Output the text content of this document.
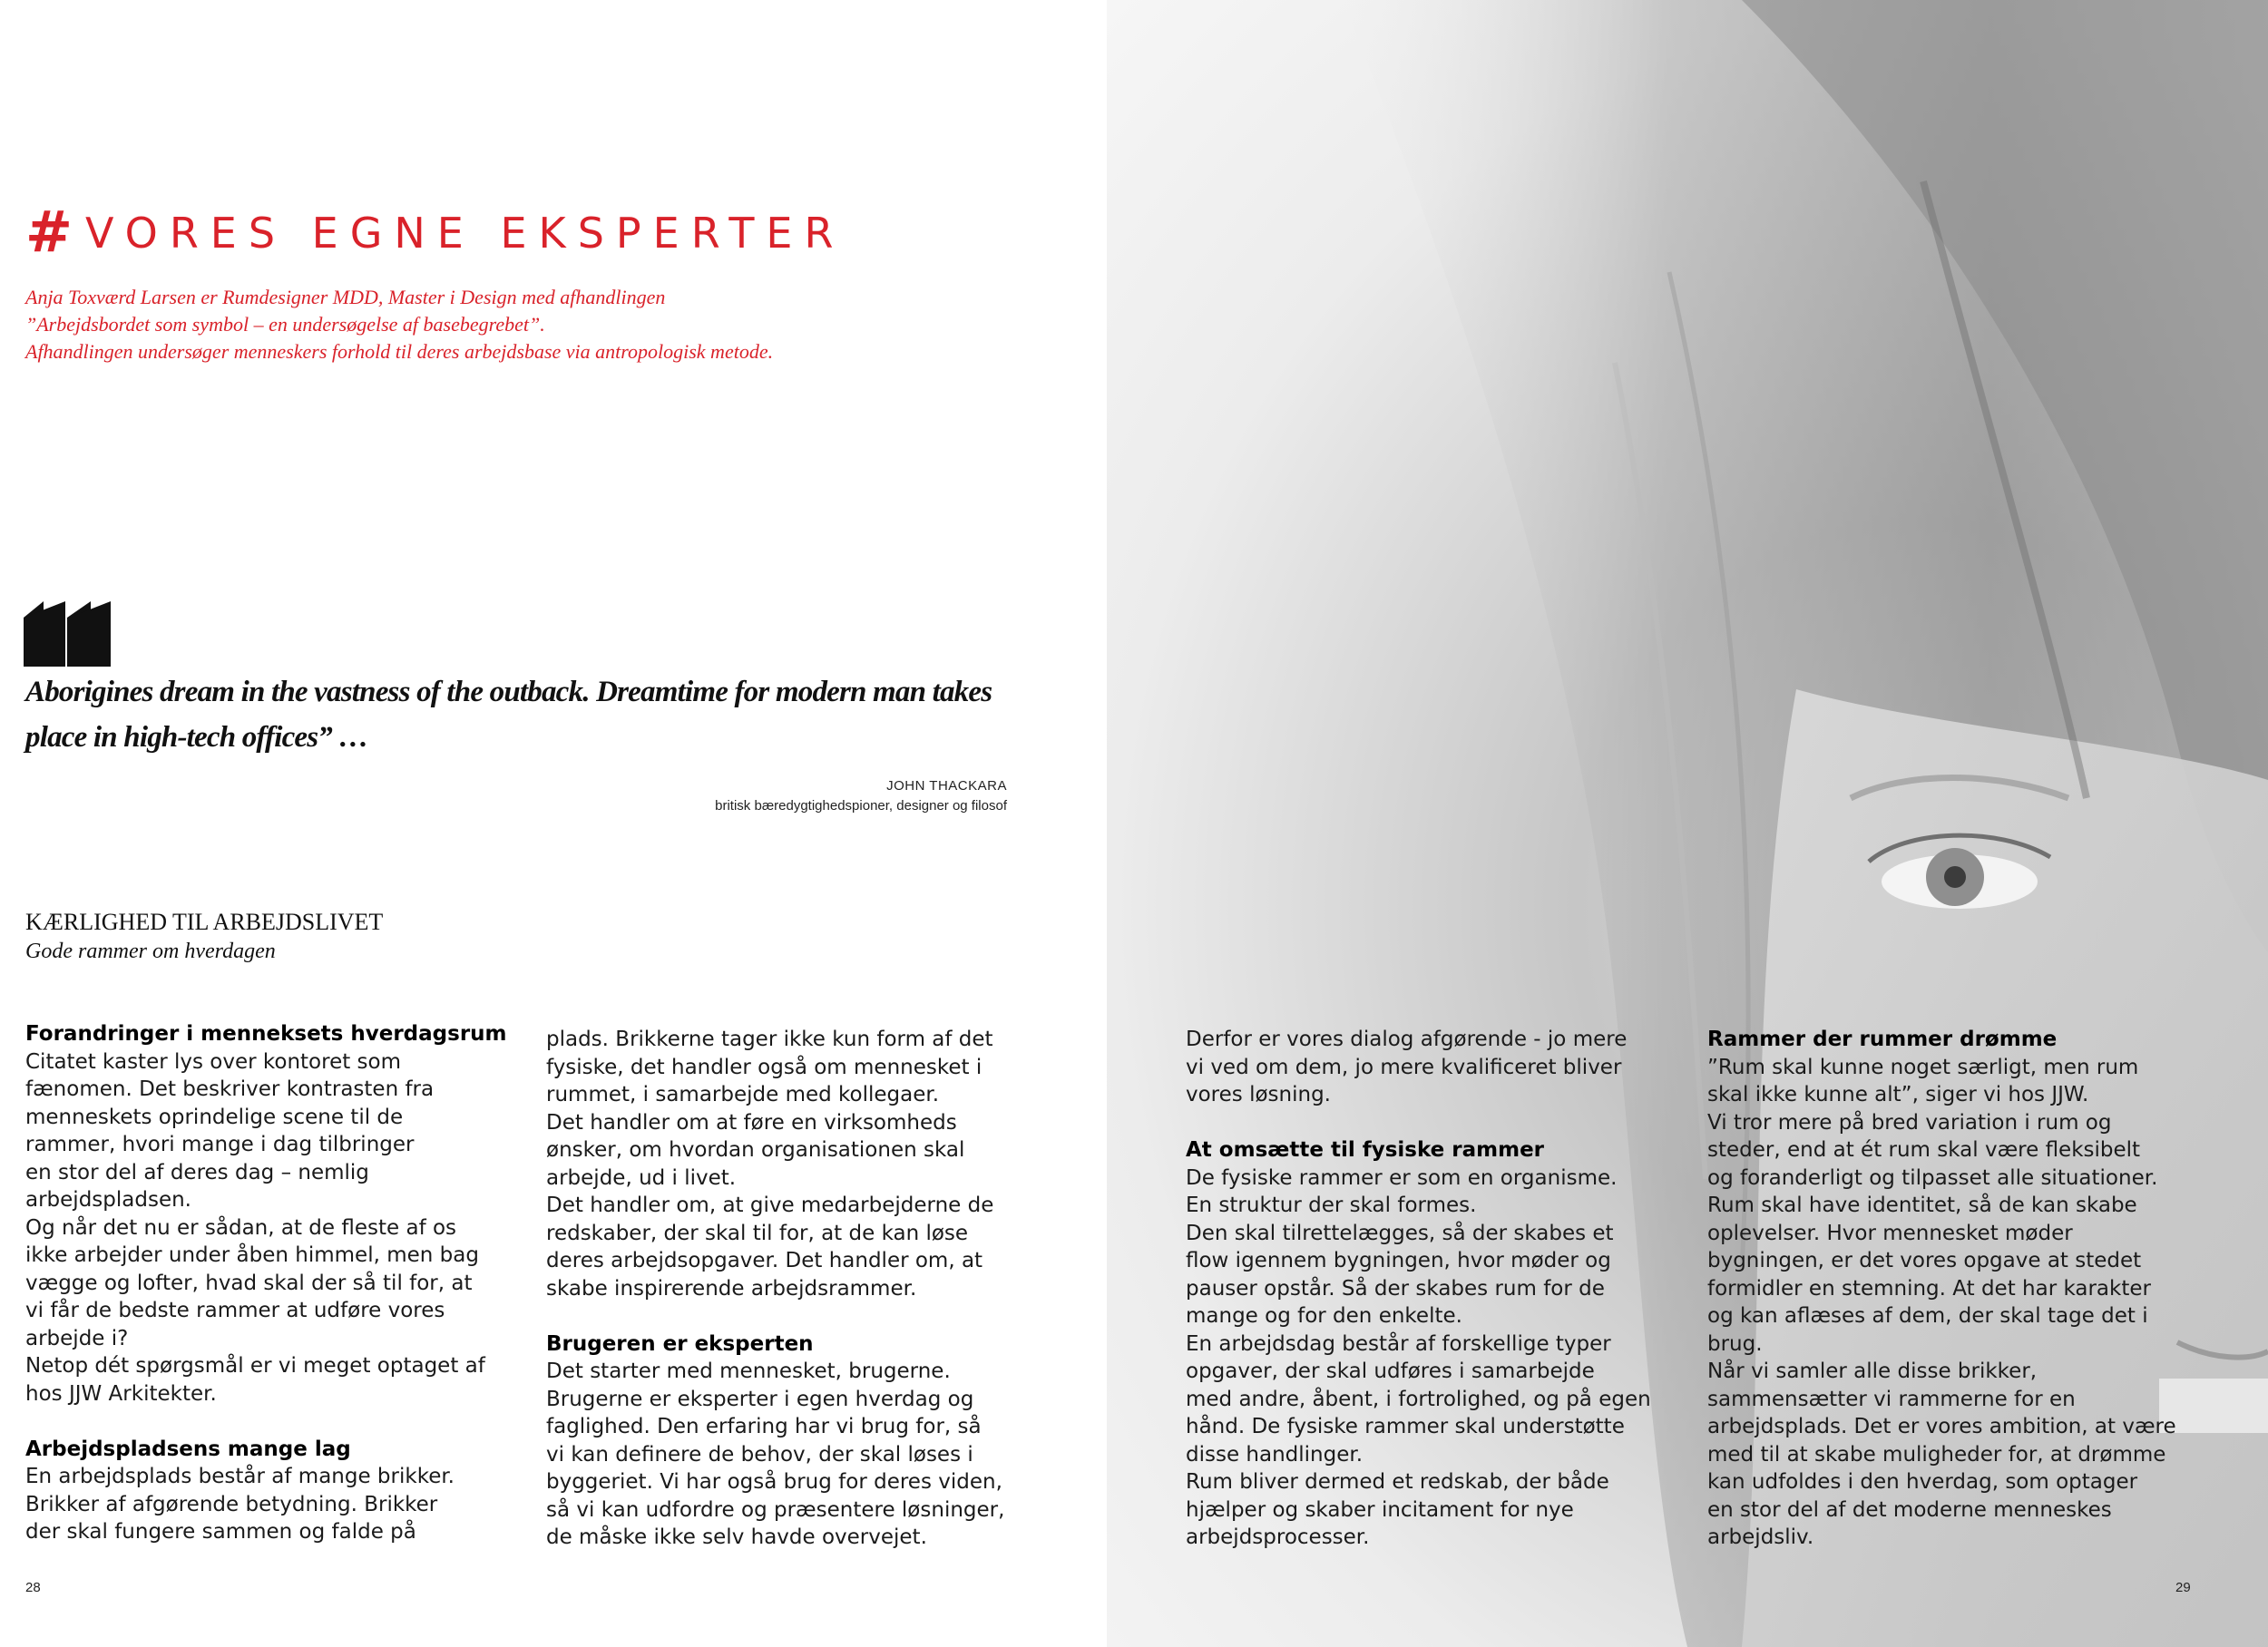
# VORES EGNE EKSPERTER

Anja Toxværd Larsen er Rumdesigner MDD, Master i Design med afhandlingen

”Arbejdsbordet som symbol – en undersøgelse af basebegrebet”.

Afhandlingen undersøger menneskers forhold til deres arbejdsbase via antropologisk metode.

Aborigines dream in the vastness of the outback. Dreamtime for modern man takes

place in high-tech offices” …

JOHN THACKARA
britisk bæredygtighedspioner, designer og filosof
KÆRLIGHED TIL ARBEJDSLIVET
Gode rammer om hverdagen

Forandringer i menneksets hverdagsrum

Citatet kaster lys over kontoret som

fænomen. Det beskriver kontrasten fra

menneskets oprindelige scene til de

rammer, hvori mange i dag tilbringer

en stor del af deres dag – nemlig

arbejdspladsen.

Og når det nu er sådan, at de fleste af os

ikke arbejder under åben himmel, men bag

vægge og lofter, hvad skal der så til for, at

vi får de bedste rammer at udføre vores

arbejde i?

Netop dét spørgsmål er vi meget optaget af

hos JJW Arkitekter.

Arbejdspladsens mange lag

En arbejdsplads består af mange brikker.

Brikker af afgørende betydning. Brikker

der skal fungere sammen og falde på

plads. Brikkerne tager ikke kun form af det

fysiske, det handler også om mennesket i

rummet, i samarbejde med kollegaer.

Det handler om at føre en virksomheds

ønsker, om hvordan organisationen skal

arbejde, ud i livet.

Det handler om, at give medarbejderne de

redskaber, der skal til for, at de kan løse

deres arbejdsopgaver. Det handler om, at

skabe inspirerende arbejdsrammer.

Brugeren er eksperten

Det starter med mennesket, brugerne.

Brugerne er eksperter i egen hverdag og

faglighed. Den erfaring har vi brug for, så

vi kan definere de behov, der skal løses i

byggeriet. Vi har også brug for deres viden,

så vi kan udfordre og præsentere løsninger,

de måske ikke selv havde overvejet.

Derfor er vores dialog afgørende - jo mere

vi ved om dem, jo mere kvalificeret bliver

vores løsning.

At omsætte til fysiske rammer

De fysiske rammer er som en organisme.

En struktur der skal formes.

Den skal tilrettelægges, så der skabes et

flow igennem bygningen, hvor møder og

pauser opstår. Så der skabes rum for de

mange og for den enkelte.

En arbejdsdag består af forskellige typer

opgaver, der skal udføres i samarbejde

med andre, åbent, i fortrolighed, og på egen

hånd. De fysiske rammer skal understøtte

disse handlinger.

Rum bliver dermed et redskab, der både

hjælper og skaber incitament for nye

arbejdsprocesser.

Rammer der rummer drømme

”Rum skal kunne noget særligt, men rum

skal ikke kunne alt”, siger vi hos JJW.

Vi tror mere på bred variation i rum og

steder, end at ét rum skal være fleksibelt

og foranderligt og tilpasset alle situationer.

Rum skal have identitet, så de kan skabe

oplevelser. Hvor mennesket møder

bygningen, er det vores opgave at stedet

formidler en stemning. At det har karakter

og kan aflæses af dem, der skal tage det i

brug.

Når vi samler alle disse brikker,

sammensætter vi rammerne for en

arbejdsplads. Det er vores ambition, at være

med til at skabe muligheder for, at drømme

kan udfoldes i den hverdag, som optager

en stor del af det moderne menneskes

arbejdsliv.

28	29
